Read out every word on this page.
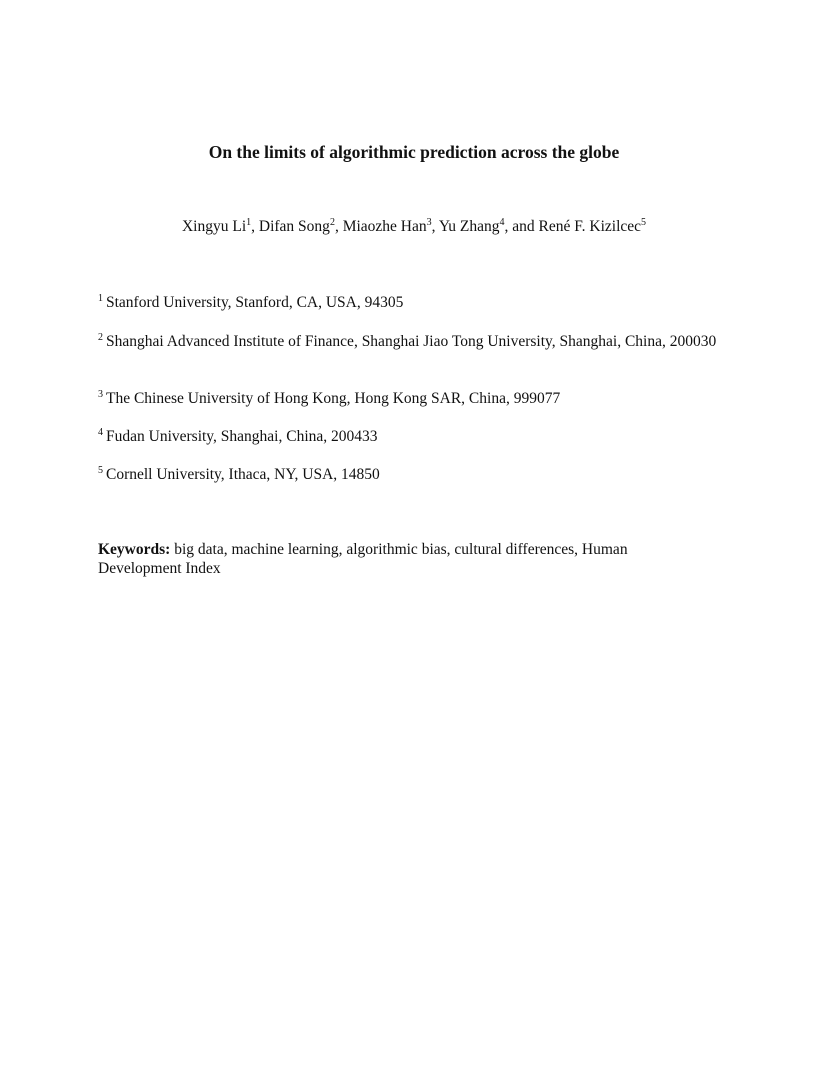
On the limits of algorithmic prediction across the globe
Xingyu Li$^1$, Difan Song$^2$, Miaozhe Han$^3$, Yu Zhang$^4$, and René F. Kizilcec$^5$
$^1$ Stanford University, Stanford, CA, USA, 94305
$^2$ Shanghai Advanced Institute of Finance, Shanghai Jiao Tong University, Shanghai, China, 200030
$^3$ The Chinese University of Hong Kong, Hong Kong SAR, China, 999077
$^4$ Fudan University, Shanghai, China, 200433
$^5$ Cornell University, Ithaca, NY, USA, 14850
Keywords: big data, machine learning, algorithmic bias, cultural differences, Human Development Index
